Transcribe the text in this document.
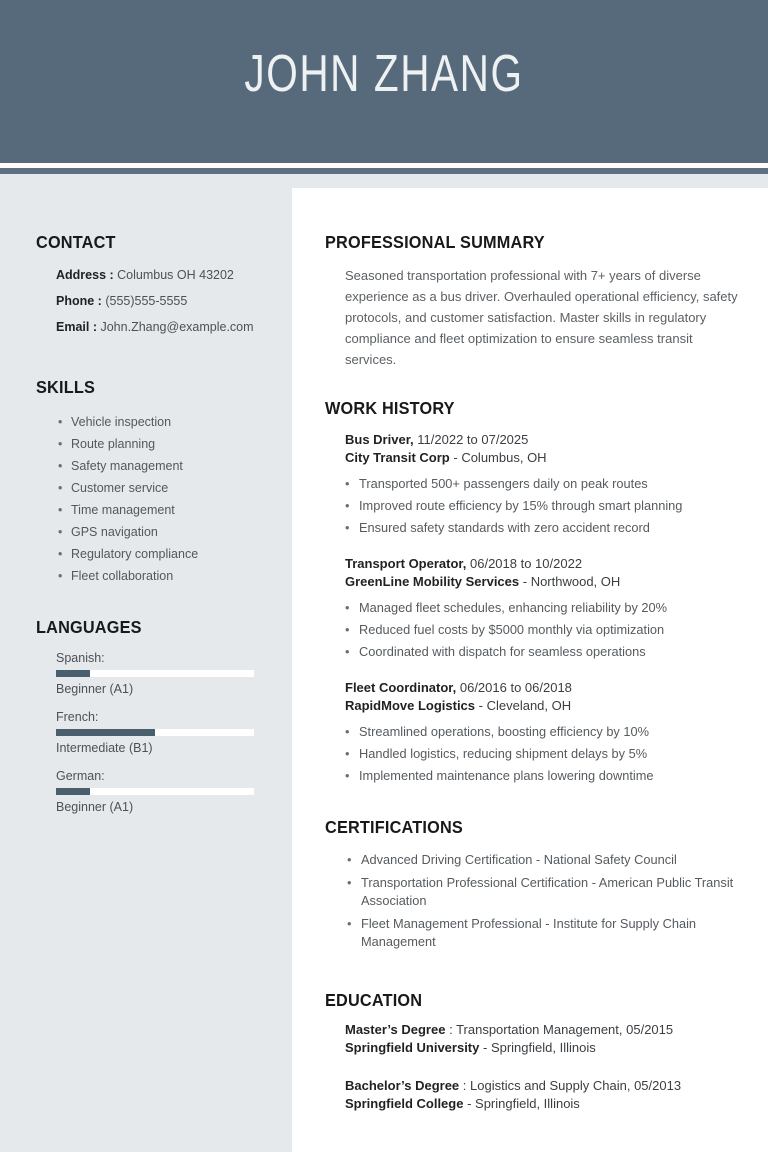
JOHN ZHANG
CONTACT
Address : Columbus OH 43202
Phone : (555)555-5555
Email : John.Zhang@example.com
SKILLS
• Vehicle inspection
• Route planning
• Safety management
• Customer service
• Time management
• GPS navigation
• Regulatory compliance
• Fleet collaboration
LANGUAGES
Spanish:
Beginner (A1)
French:
Intermediate (B1)
German:
Beginner (A1)
PROFESSIONAL SUMMARY

Seasoned transportation professional with 7+ years of diverse experience as a bus driver. Overhauled operational efficiency, safety protocols, and customer satisfaction. Master skills in regulatory compliance and fleet optimization to ensure seamless transit services.

WORK HISTORY
Bus Driver, 11/2022 to 07/2025
City Transit Corp - Columbus, OH
• Transported 500+ passengers daily on peak routes
• Improved route efficiency by 15% through smart planning
• Ensured safety standards with zero accident record
Transport Operator, 06/2018 to 10/2022
GreenLine Mobility Services - Northwood, OH
• Managed fleet schedules, enhancing reliability by 20%
• Reduced fuel costs by $5000 monthly via optimization
• Coordinated with dispatch for seamless operations
Fleet Coordinator, 06/2016 to 06/2018
RapidMove Logistics - Cleveland, OH
• Streamlined operations, boosting efficiency by 10%
• Handled logistics, reducing shipment delays by 5%
• Implemented maintenance plans lowering downtime
CERTIFICATIONS
• Advanced Driving Certification - National Safety Council
• Transportation Professional Certification - American Public Transit Association
• Fleet Management Professional - Institute for Supply Chain Management
EDUCATION
Master’s Degree : Transportation Management, 05/2015
Springfield University - Springfield, Illinois
Bachelor’s Degree : Logistics and Supply Chain, 05/2013
Springfield College - Springfield, Illinois
